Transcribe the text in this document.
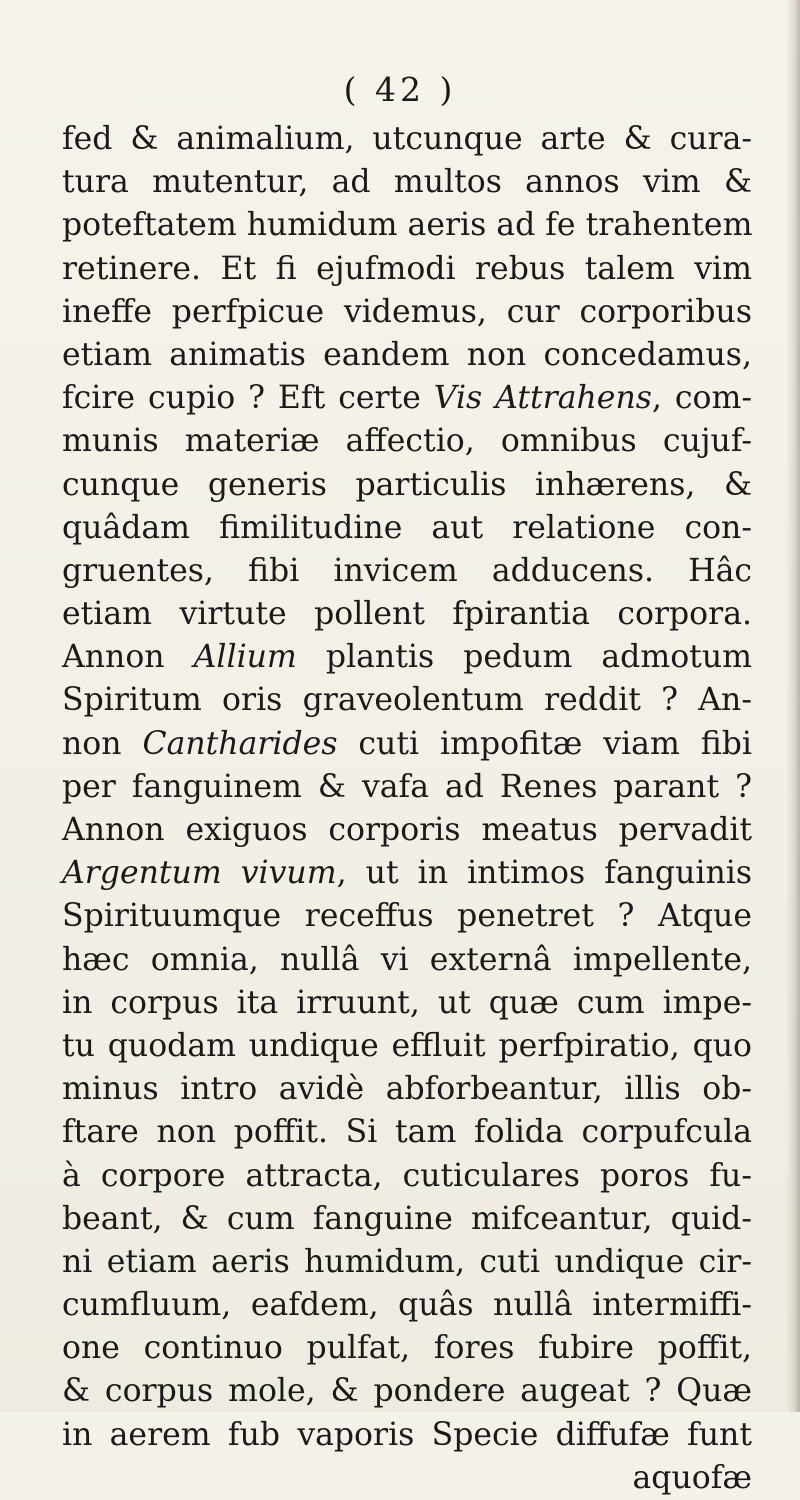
( 42 )
fed & animalium, utcunque arte & cura-
tura mutentur, ad multos annos vim &
poteftatem humidum aeris ad fe trahentem
retinere. Et fi ejufmodi rebus talem vim
ineffe perfpicue videmus, cur corporibus
etiam animatis eandem non concedamus,
fcire cupio ? Eft certe Vis Attrahens, com-
munis materiæ affectio, omnibus cujuf-
cunque generis particulis inhærens, &
quâdam fimilitudine aut relatione con-
gruentes, fibi invicem adducens. Hâc
etiam virtute pollent fpirantia corpora.
Annon Allium plantis pedum admotum
Spiritum oris graveolentum reddit ? An-
non Cantharides cuti impofitæ viam fibi
per fanguinem & vafa ad Renes parant ?
Annon exiguos corporis meatus pervadit
Argentum vivum, ut in intimos fanguinis
Spirituumque receffus penetret ? Atque
hæc omnia, nullâ vi externâ impellente,
in corpus ita irruunt, ut quæ cum impe-
tu quodam undique effluit perfpiratio, quo
minus intro avidè abforbeantur, illis ob-
ftare non poffit. Si tam folida corpufcula
à corpore attracta, cuticulares poros fu-
beant, & cum fanguine mifceantur, quid-
ni etiam aeris humidum, cuti undique cir-
cumfluum, eafdem, quâs nullâ intermiffi-
one continuo pulfat, fores fubire poffit,
& corpus mole, & pondere augeat ? Quæ
in aerem fub vaporis Specie diffufæ funt
aquofæ
